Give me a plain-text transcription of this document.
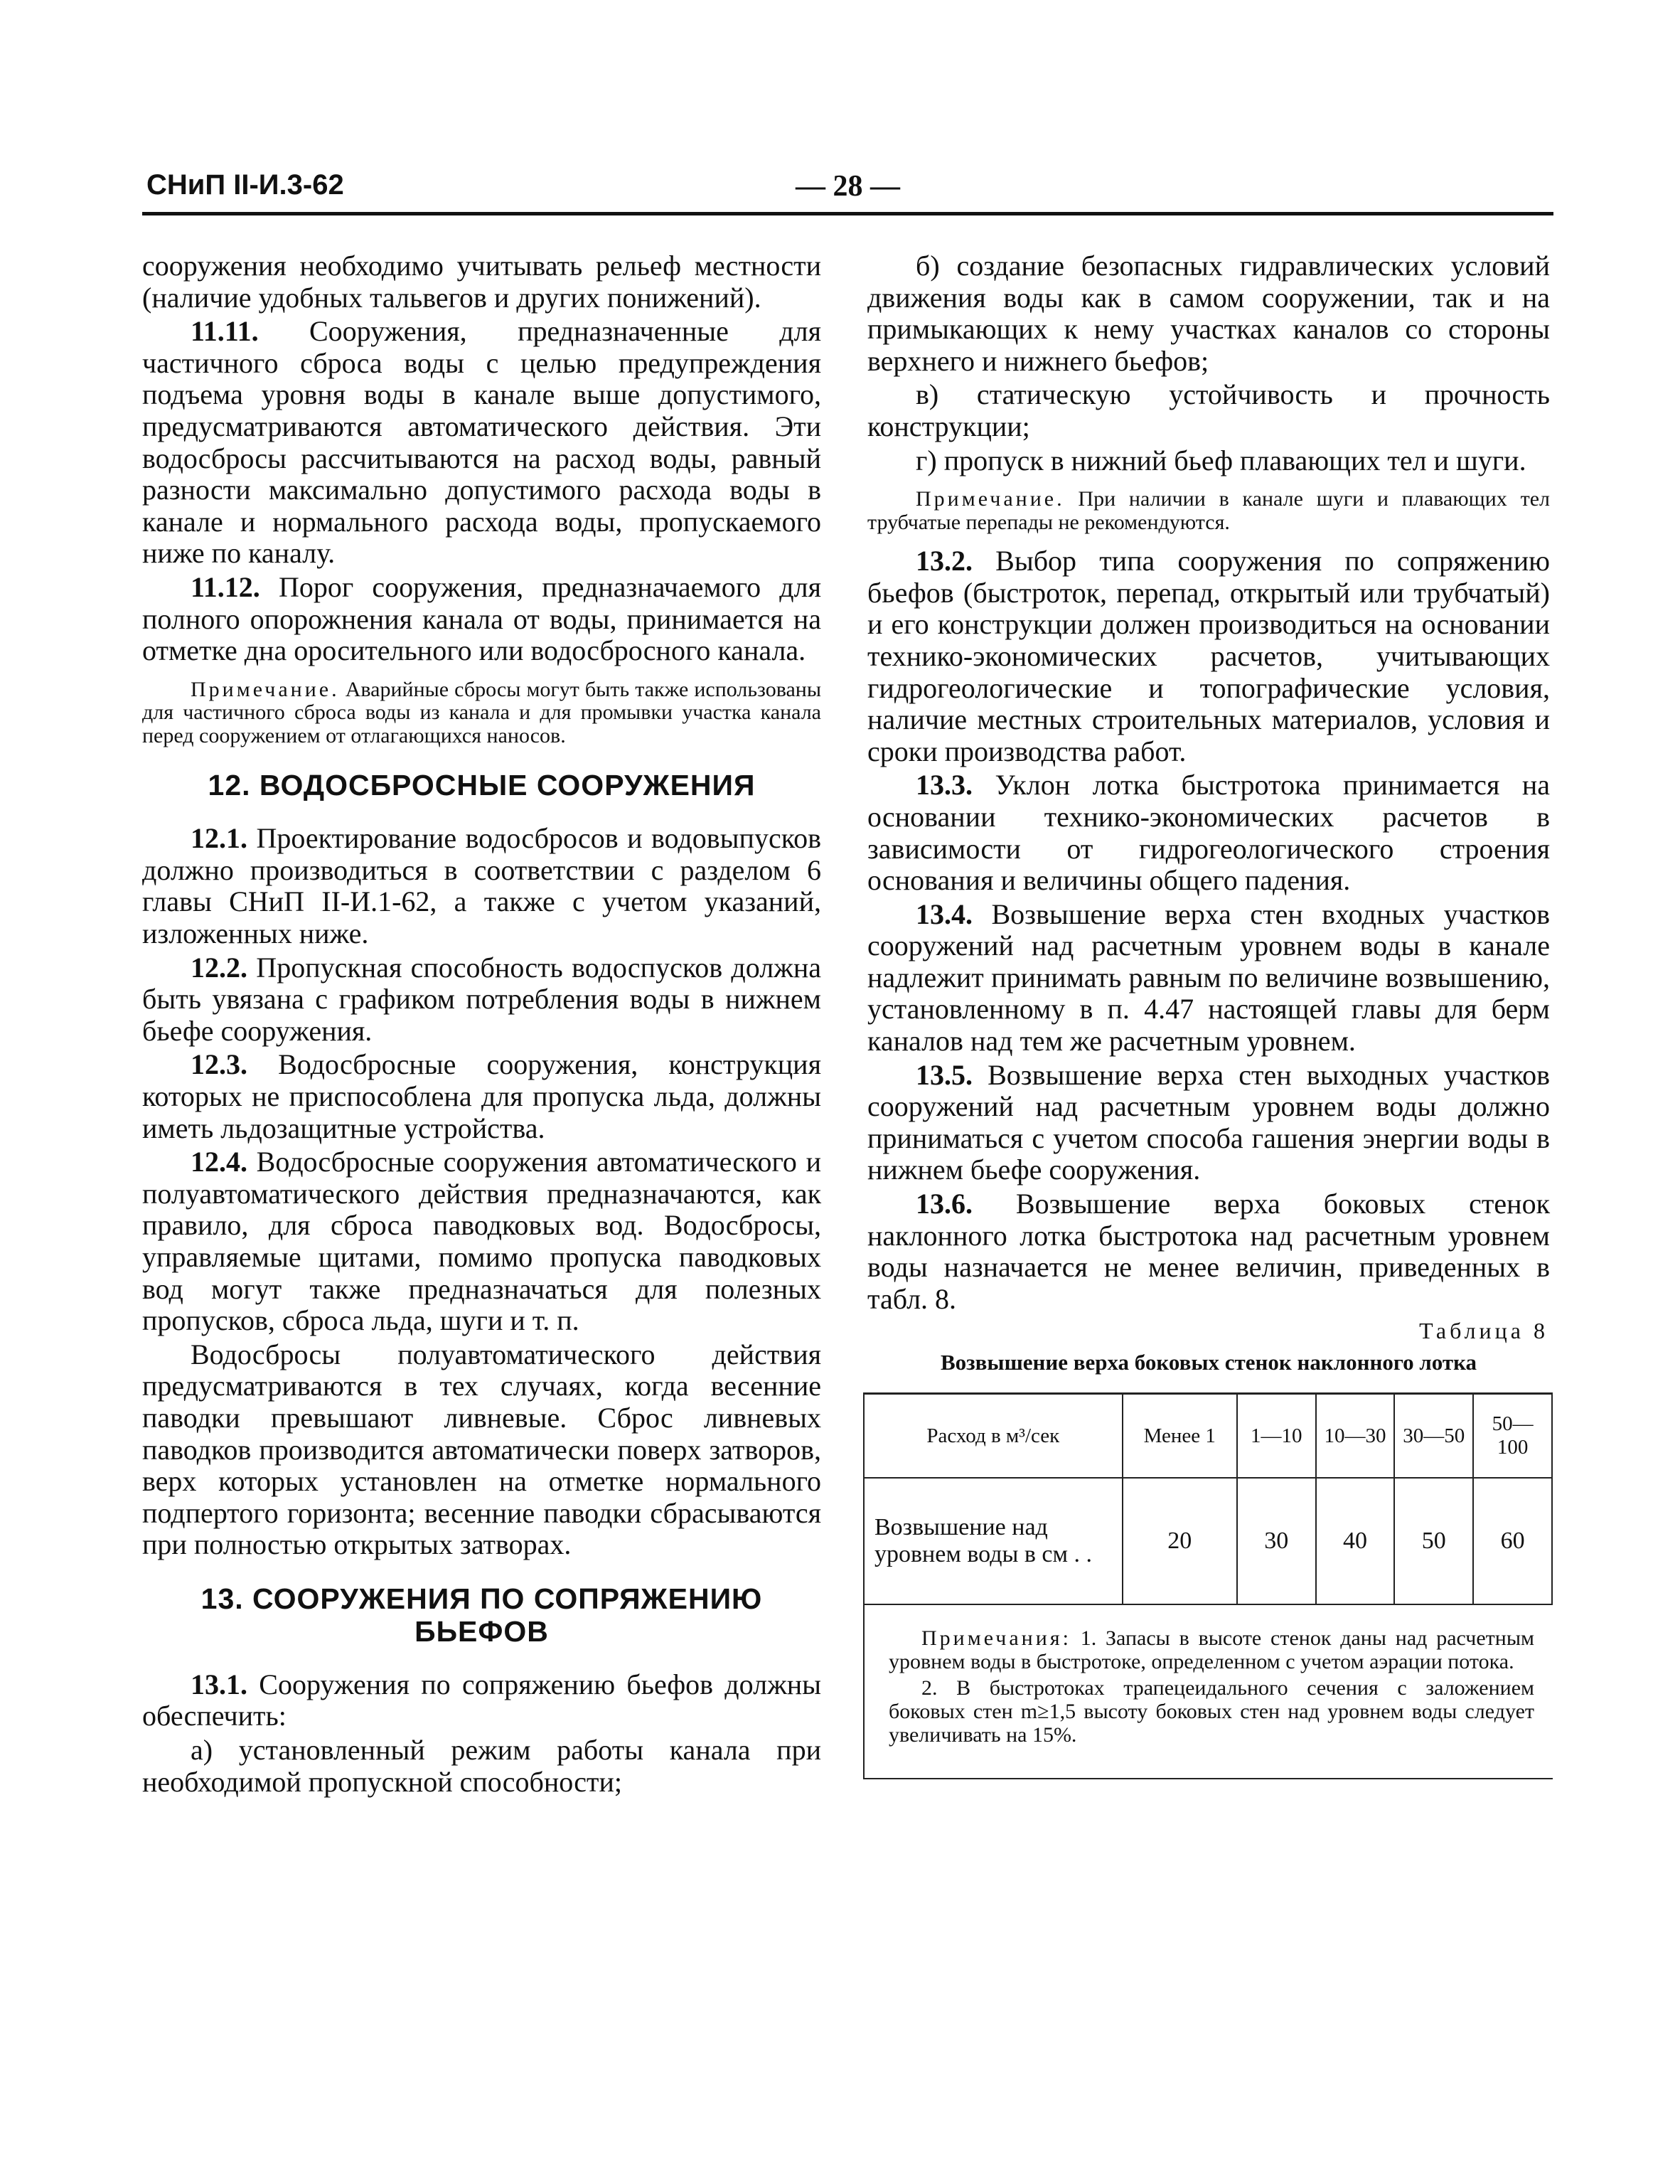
СНиП II-И.3-62	— 28 —

сооружения необходимо учитывать рельеф местности (наличие удобных тальвегов и других понижений).

11.11. Сооружения, предназначенные для частичного сброса воды с целью предупреждения подъема уровня воды в канале выше допустимого, предусматриваются автоматического действия. Эти водосбросы рассчитываются на расход воды, равный разности максимально допустимого расхода воды в канале и нормального расхода воды, пропускаемого ниже по каналу.

11.12. Порог сооружения, предназначаемого для полного опорожнения канала от воды, принимается на отметке дна оросительного или водосбросного канала.

Примечание. Аварийные сбросы могут быть также использованы для частичного сброса воды из канала и для промывки участка канала перед сооружением от отлагающихся наносов.

12. ВОДОСБРОСНЫЕ СООРУЖЕНИЯ

12.1. Проектирование водосбросов и водовыпусков должно производиться в соответствии с разделом 6 главы СНиП II-И.1-62, а также с учетом указаний, изложенных ниже.

12.2. Пропускная способность водоспусков должна быть увязана с графиком потребления воды в нижнем бьефе сооружения.

12.3. Водосбросные сооружения, конструкция которых не приспособлена для пропуска льда, должны иметь льдозащитные устройства.

12.4. Водосбросные сооружения автоматического и полуавтоматического действия предназначаются, как правило, для сброса паводковых вод. Водосбросы, управляемые щитами, помимо пропуска паводковых вод могут также предназначаться для полезных пропусков, сброса льда, шуги и т. п.

Водосбросы полуавтоматического действия предусматриваются в тех случаях, когда весенние паводки превышают ливневые. Сброс ливневых паводков производится автоматически поверх затворов, верх которых установлен на отметке нормального подпертого горизонта; весенние паводки сбрасываются при полностью открытых затворах.

13. СООРУЖЕНИЯ ПО СОПРЯЖЕНИЮ
БЬЕФОВ

13.1. Сооружения по сопряжению бьефов должны обеспечить:

а) установленный режим работы канала при необходимой пропускной способности;

б) создание безопасных гидравлических условий движения воды как в самом сооружении, так и на примыкающих к нему участках каналов со стороны верхнего и нижнего бьефов;

в) статическую устойчивость и прочность конструкции;

г) пропуск в нижний бьеф плавающих тел и шуги.

Примечание. При наличии в канале шуги и плавающих тел трубчатые перепады не рекомендуются.

13.2. Выбор типа сооружения по сопряжению бьефов (быстроток, перепад, открытый или трубчатый) и его конструкции должен производиться на основании технико-экономических расчетов, учитывающих гидрогеологические и топографические условия, наличие местных строительных материалов, условия и сроки производства работ.

13.3. Уклон лотка быстротока принимается на основании технико-экономических расчетов в зависимости от гидрогеологического строения основания и величины общего падения.

13.4. Возвышение верха стен входных участков сооружений над расчетным уровнем воды в канале надлежит принимать равным по величине возвышению, установленному в п. 4.47 настоящей главы для берм каналов над тем же расчетным уровнем.

13.5. Возвышение верха стен выходных участков сооружений над расчетным уровнем воды должно приниматься с учетом способа гашения энергии воды в нижнем бьефе сооружения.

13.6. Возвышение верха боковых стенок наклонного лотка быстротока над расчетным уровнем воды назначается не менее величин, приведенных в табл. 8.

Таблица 8
Возвышение верха боковых стенок наклонного лотка
Расход в м³/сек	Менее 1	1—10	10—30	30—50	50—100
Возвышение над уровнем воды в см . .	20	30	40	50	60

Примечания: 1. Запасы в высоте стенок даны над расчетным уровнем воды в быстротоке, определенном с учетом аэрации потока.

2. В быстротоках трапецеидального сечения с заложением боковых стен m≥1,5 высоту боковых стен над уровнем воды следует увеличивать на 15%.
